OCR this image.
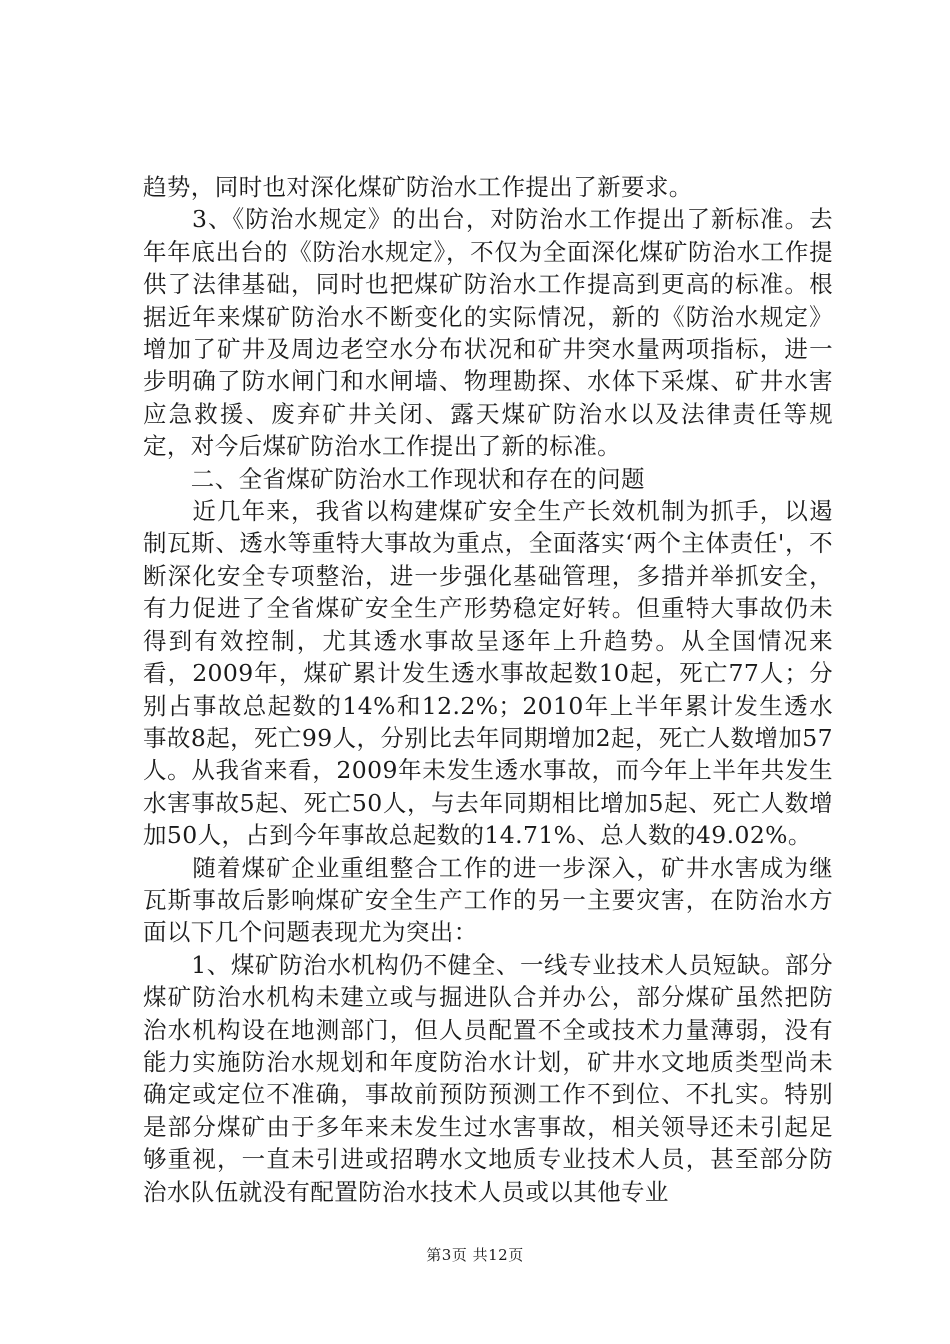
趋势，同时也对深化煤矿防治水工作提出了新要求。

　　3、《防治水规定》的出台，对防治水工作提出了新标准。去年年底出台的《防治水规定》，不仅为全面深化煤矿防治水工作提供了法律基础，同时也把煤矿防治水工作提高到更高的标准。根据近年来煤矿防治水不断变化的实际情况，新的《防治水规定》增加了矿井及周边老空水分布状况和矿井突水量两项指标，进一步明确了防水闸门和水闸墙、物理勘探、水体下采煤、矿井水害应急救援、废弃矿井关闭、露天煤矿防治水以及法律责任等规定，对今后煤矿防治水工作提出了新的标准。

　　二、全省煤矿防治水工作现状和存在的问题

　　近几年来，我省以构建煤矿安全生产长效机制为抓手，以遏制瓦斯、透水等重特大事故为重点，全面落实‘两个主体责任'，不断深化安全专项整治，进一步强化基础管理，多措并举抓安全，有力促进了全省煤矿安全生产形势稳定好转。但重特大事故仍未得到有效控制，尤其透水事故呈逐年上升趋势。从全国情况来看，2009年，煤矿累计发生透水事故起数10起，死亡77人；分别占事故总起数的14%和12.2%；2010年上半年累计发生透水事故8起，死亡99人，分别比去年同期增加2起，死亡人数增加57人。从我省来看，2009年未发生透水事故，而今年上半年共发生水害事故5起、死亡50人，与去年同期相比增加5起、死亡人数增加50人，占到今年事故总起数的14.71%、总人数的49.02%。

　　随着煤矿企业重组整合工作的进一步深入，矿井水害成为继瓦斯事故后影响煤矿安全生产工作的另一主要灾害，在防治水方面以下几个问题表现尤为突出：

　　1、煤矿防治水机构仍不健全、一线专业技术人员短缺。部分煤矿防治水机构未建立或与掘进队合并办公，部分煤矿虽然把防治水机构设在地测部门，但人员配置不全或技术力量薄弱，没有能力实施防治水规划和年度防治水计划，矿井水文地质类型尚未确定或定位不准确，事故前预防预测工作不到位、不扎实。特别是部分煤矿由于多年来未发生过水害事故，相关领导还未引起足够重视，一直未引进或招聘水文地质专业技术人员，甚至部分防治水队伍就没有配置防治水技术人员或以其他专业

第3页 共12页
